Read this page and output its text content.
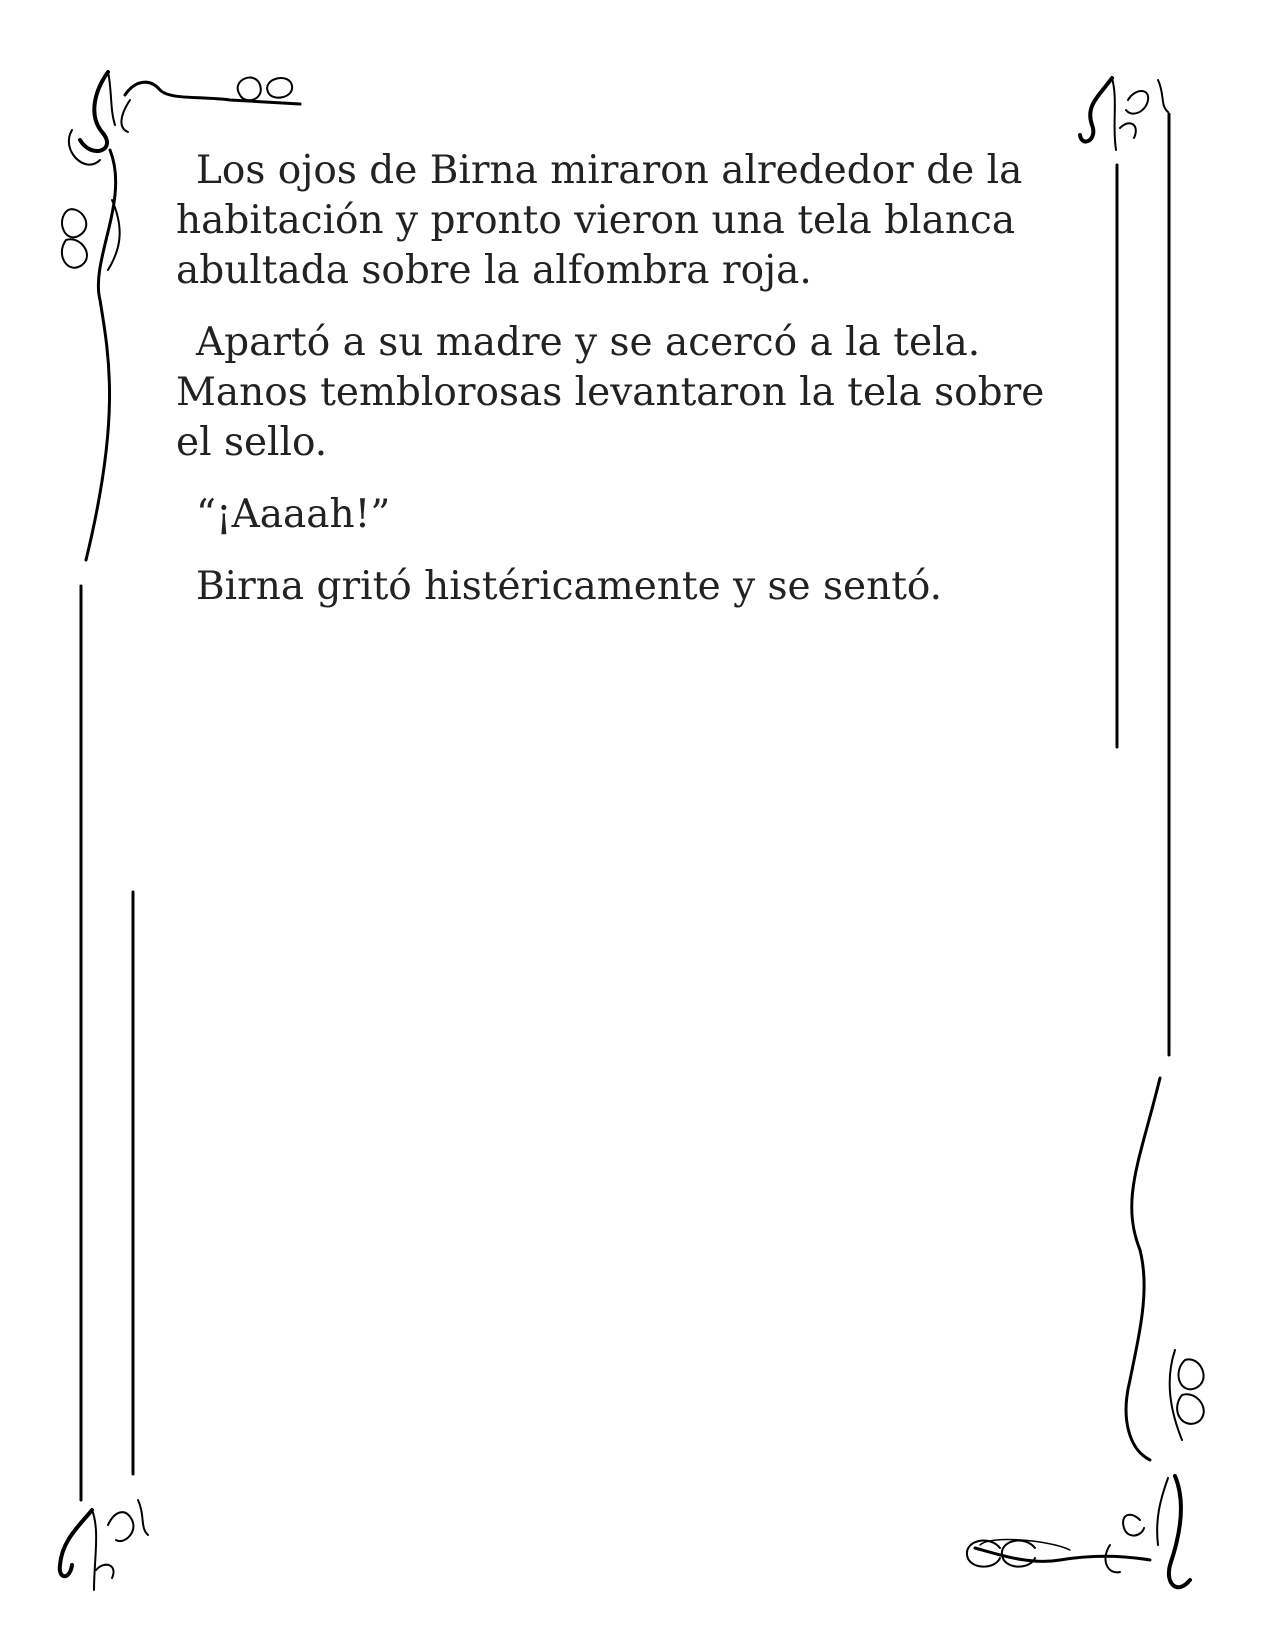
Los ojos de Birna miraron alrededor de la habitación y pronto vieron una tela blanca abultada sobre la alfombra roja.

Apartó a su madre y se acercó a la tela. Manos temblorosas levantaron la tela sobre el sello.

“¡Aaaah!”

Birna gritó histéricamente y se sentó.
